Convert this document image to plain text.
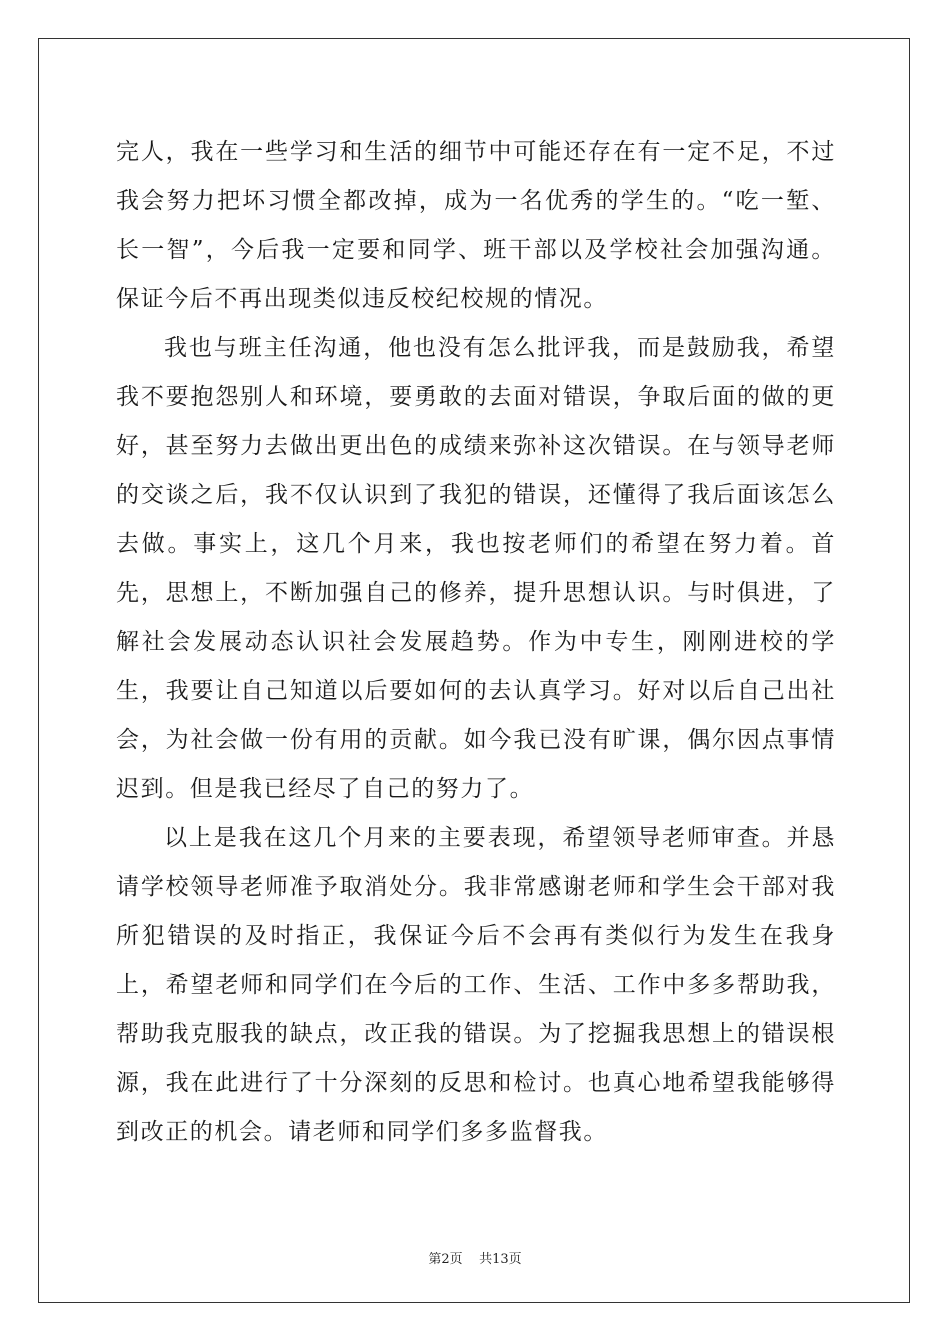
完人，我在一些学习和生活的细节中可能还存在有一定不足，不过我会努力把坏习惯全都改掉，成为一名优秀的学生的。“吃一堑、长一智”，今后我一定要和同学、班干部以及学校社会加强沟通。保证今后不再出现类似违反校纪校规的情况。

我也与班主任沟通，他也没有怎么批评我，而是鼓励我，希望我不要抱怨别人和环境，要勇敢的去面对错误，争取后面的做的更好，甚至努力去做出更出色的成绩来弥补这次错误。在与领导老师的交谈之后，我不仅认识到了我犯的错误，还懂得了我后面该怎么去做。事实上，这几个月来，我也按老师们的希望在努力着。首先，思想上，不断加强自己的修养，提升思想认识。与时俱进，了解社会发展动态认识社会发展趋势。作为中专生，刚刚进校的学生，我要让自己知道以后要如何的去认真学习。好对以后自己出社会，为社会做一份有用的贡献。如今我已没有旷课，偶尔因点事情迟到。但是我已经尽了自己的努力了。

以上是我在这几个月来的主要表现，希望领导老师审查。并恳请学校领导老师准予取消处分。我非常感谢老师和学生会干部对我所犯错误的及时指正，我保证今后不会再有类似行为发生在我身上，希望老师和同学们在今后的工作、生活、工作中多多帮助我，帮助我克服我的缺点，改正我的错误。为了挖掘我思想上的错误根源，我在此进行了十分深刻的反思和检讨。也真心地希望我能够得到改正的机会。请老师和同学们多多监督我。

第2页 共13页
